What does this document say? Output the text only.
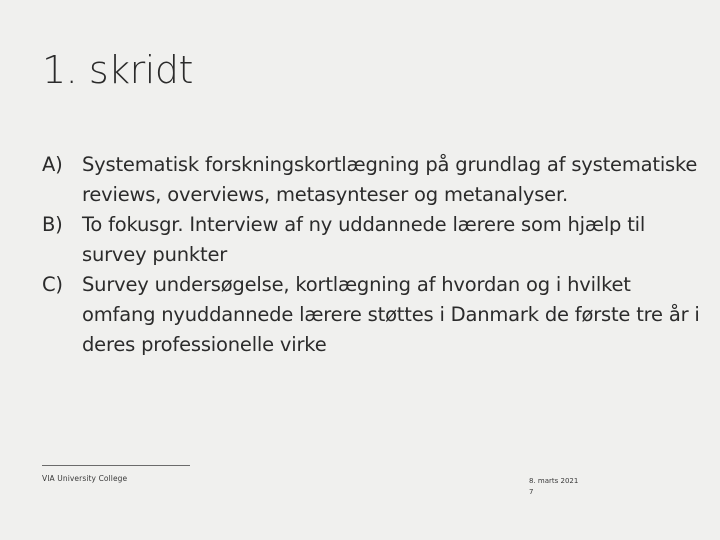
1. skridt
A) Systematisk forskningskortlægning på grundlag af systematiske reviews, overviews, metasynteser og metanalyser.
B) To fokusgr. Interview af ny uddannede lærere som hjælp til survey punkter
C) Survey undersøgelse, kortlægning af hvordan og i hvilket omfang nyuddannede lærere støttes i Danmark de første tre år i deres professionelle virke
VIA University College	8. marts 2021
7
